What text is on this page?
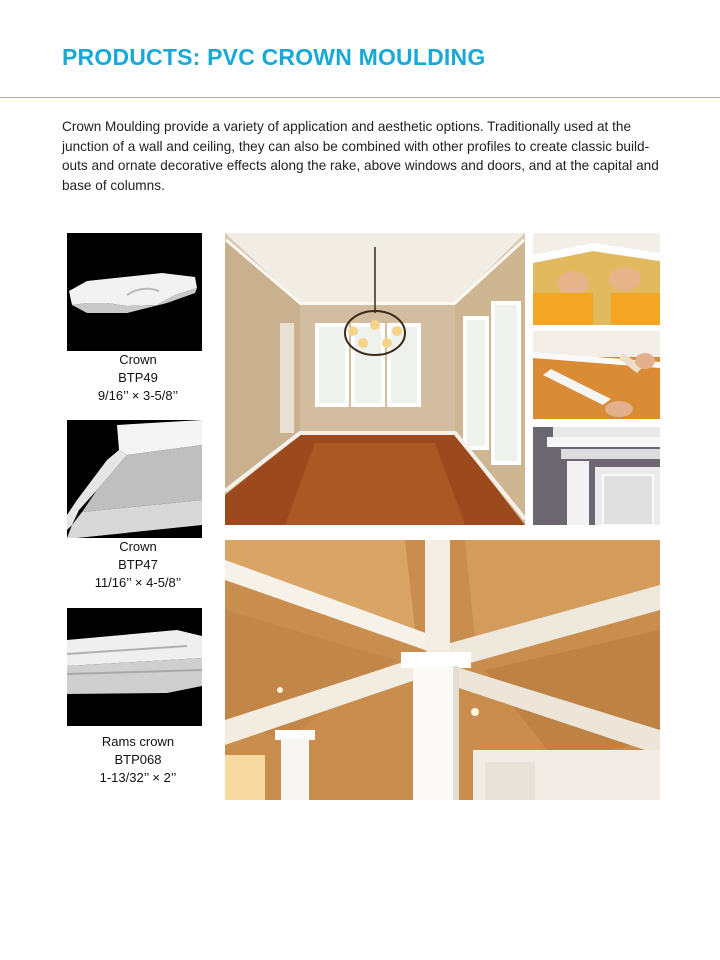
PRODUCTS: PVC CROWN MOULDING

Crown Moulding provide a variety of application and aesthetic options. Traditionally used at the junction of a wall and ceiling, they can also be combined with other profiles to create classic build-outs and ornate decorative effects along the rake, above windows and doors, and at the capital and base of columns.

Crown
BTP49
9/16’’ × 3-5/8’’
Crown
BTP47
11/16’’ × 4-5/8’’
Rams crown
BTP068
1-13/32’’ × 2’’
